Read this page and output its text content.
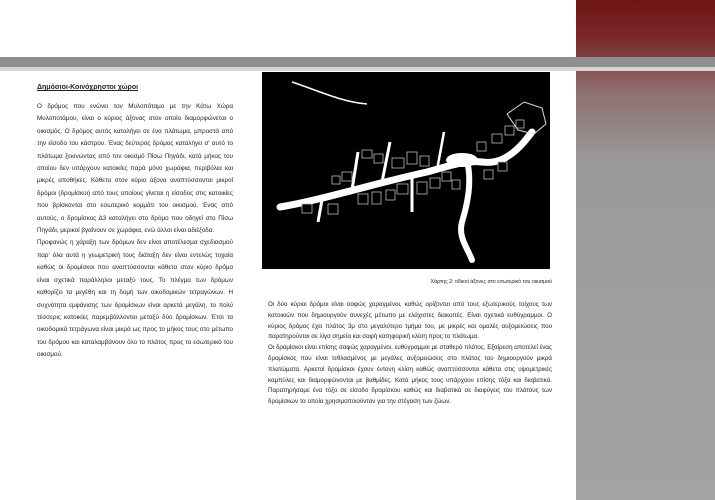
Δημόσιοι-Κοινόχρηστοι χώροι

Ο δρόμος που ενώνει τον Μυλοπόταμο με την Κάτω Χώρα Μυλοποτάμου, είναι ο κύριος άξονας στον οποίο διαμορφώνεται ο οικισμός. Ο δρόμος αυτός καταλήγει σε ένα πλάτωμα, μπροστά από την είσοδο του κάστρου. Ένας δεύτερος δρόμος καταλήγει σ' αυτό το πλάτωμα ξεκινώντας από τον οικισμό Πίσω Πηγάδι, κατά μήκος του οποίου δεν υπάρχουν κατοικίες παρά μόνο χωράφια, περιβόλια και μικρές αποθήκες. Κάθετα στον κύριο άξονα αναπτύσσονται μικροί δρόμοι (δρομίσκοι) από τους οποίους γίνεται η είσοδος στις κατοικίες που βρίσκονται στο εσωτερικό κομμάτι του οικισμού. Ένας από αυτούς, ο δρομίσκος Δ3 καταλήγει στο δρόμο που οδηγεί στο Πίσω Πηγάδι, μερικοί βγαίνουν σε χωράφια, ενώ άλλοι είναι αδιέξοδα.

Προφανώς η χάραξη των δρόμων δεν είναι αποτέλεσμα σχεδιασμού παρ' όλα αυτά η γεωμετρική τους διάταξη δεν είναι εντελώς τυχαία καθώς οι δρομίσκοι που αναπτύσσονται κάθετα στον κύριο δρόμο είναι σχετικά παράλληλοι μεταξύ τους. Το πλέγμα των δρόμων καθορίζει τα μεγέθη και τη δομή των οικοδομικών τετραγώνων. Η συχνότητα εμφάνισης των δρομίσκων είναι αρκετά μεγάλη, το πολύ τέσσερις κατοικίες παρεμβάλλονται μεταξύ δύο δρομίσκων. Έτσι τα οικοδομικά τετράγωνα είναι μικρά ως προς το μήκος τους στο μέτωπο του δρόμου και καταλαμβάνουν όλο το πλάτος προς το εσωτερικό του οικισμού.

Χάρτης 2: οδικοί άξονες στο εσωτερικό του οικισμού

Οι δύο κύριοι δρόμοι είναι σαφώς χαραγμένοι, καθώς ορίζονται από τους εξωτερικούς τοίχους των κατοικιών που δημιουργούν συνεχές μέτωπο με ελάχιστες διακοπές. Είναι σχετικά ευθύγραμμοι. Ο κύριος δρόμος έχει πλάτος 3μ στο μεγαλύτερο τμήμα του, με μικρές και ομαλές αυξομειώσεις που παρατηρούνται σε λίγα σημεία και σαφή κατηφορική κλίση προς το πλάτωμα.

Οι δρομίσκοι είναι επίσης σαφώς χαραγμένοι, ευθύγραμμοι με σταθερό πλάτος. Εξαίρεση αποτελεί ένας δρομίσκος που είναι τεθλασμένος με μεγάλες αυξομειώσεις στο πλάτος του δημιουργούν μικρά πλατώματα. Αρκετοί δρομίσκοι έχουν έντονη κλίση καθώς αναπτύσσονται κάθετα στις υψομετρικές καμπύλες και διαμορφώνονται με βαθμίδες. Κατά μήκος τους υπάρχουν επίσης τόξα και διαβατικά. Παρατηρήσαμε ένα τόξο σε είσοδο δρομίσκου καθώς και διαβατικά σε διαφύγεις του πλάτους των δρομίσκων τα οποία χρησιμοποιούνταν για την στέγαση των ζώων.
